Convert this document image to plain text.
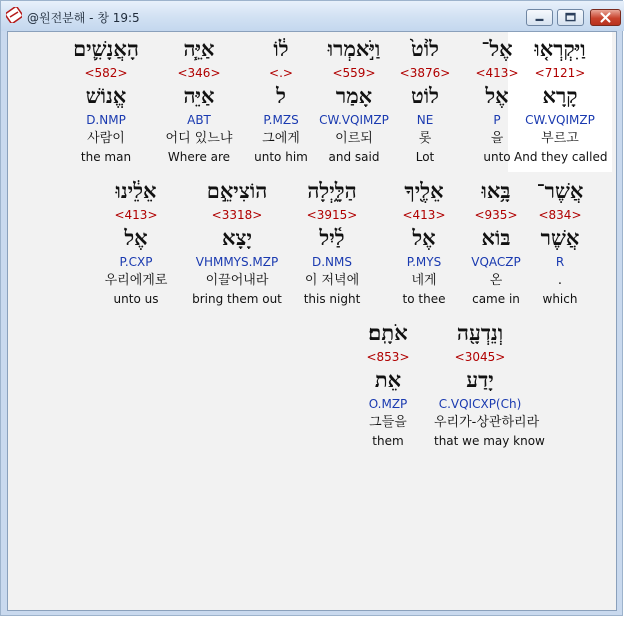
@원전분해 - 창 19:5
וַיִּקְרְא֤וּ
<7121>
קָרָא
CW.VQIMZP
부르고
And they called
אֶל־
<413>
אֶל
P
을
unto
ל֙וֹט֙
<3876>
לוֹט
NE
롯
Lot
וַיֹּ֣אמְרוּ
<559>
אָמַר
CW.VQIMZP
이르되
and said
ל֔וֹ
<.>
ל
P.MZS
그에게
unto him
אַיֵּ֧ה
<346>
אַיֵּה
ABT
어디 있느냐
Where are
הָאֲנָשִׁ֛ים
<582>
אֱנוֹשׁ
D.NMP
사람이
the man
אֲשֶׁר־
<834>
אֲשֶׁר
R
.
which
בָּ֥אוּ
<935>
בּוֹא
VQACZP
온
came in
אֵלֶ֖יךָ
<413>
אֶל
P.MYS
네게
to thee
הַלָּ֑יְלָה
<3915>
לַ֫יִל
D.NMS
이 저녁에
this night
הוֹצִיאֵ֣ם
<3318>
יָצָא
VHMMYS.MZP
이끌어내라
bring them out
אֵלֵ֔ינוּ
<413>
אֶל
P.CXP
우리에게로
unto us
וְנֵדְעָ֖ה
<3045>
יָדַע
C.VQICXP(Ch)
우리가-상관하리라
that we may know
אֹתָֽם׃
<853>
אֵת
O.MZP
그들을
them
